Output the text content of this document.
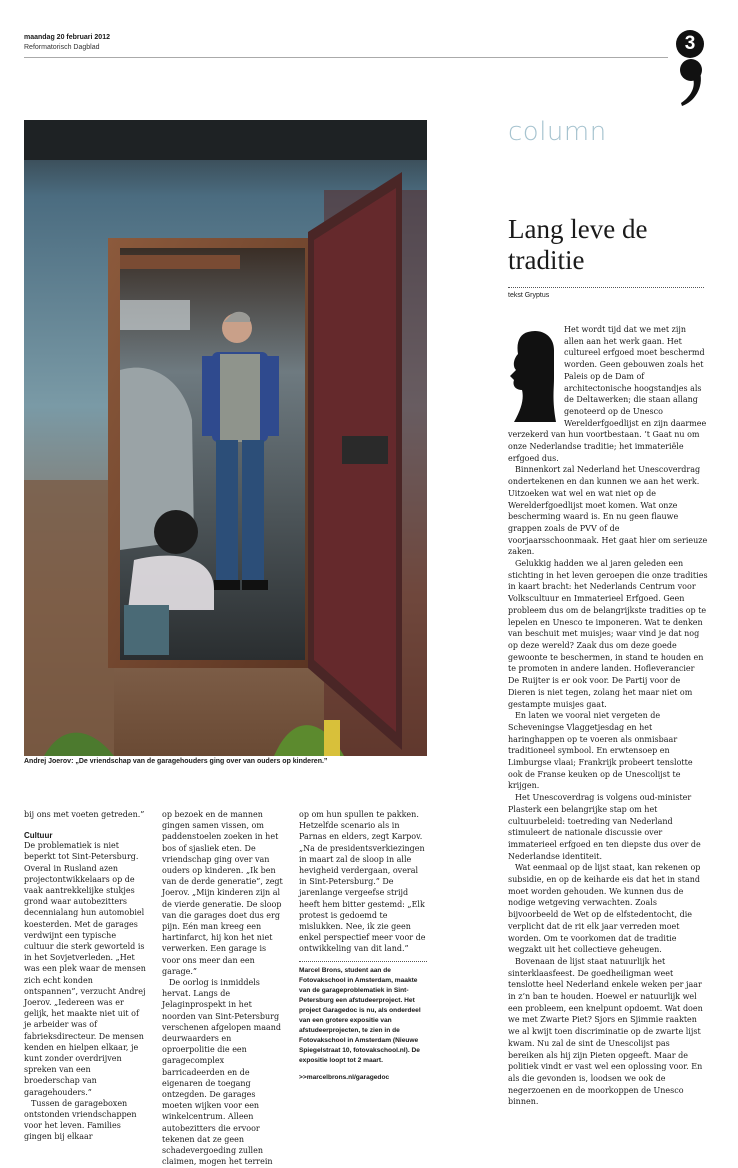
maandag 20 februari 2012
Reformatorisch Dagblad	3
Andrej Joerov: „De vriendschap van de garagehouders ging over van ouders op kinderen.”

bij ons met voeten getreden.”

Cultuur

De problematiek is niet beperkt tot Sint-Petersburg. Overal in Rusland azen projectontwikkelaars op de vaak aantrekkelijke stukjes grond waar autobezitters decennialang hun automobiel koesterden. Met de garages verdwijnt een typische cultuur die sterk geworteld is in het Sovjetverleden. „Het was een plek waar de mensen zich echt konden ontspannen”, verzucht Andrej Joerov. „Iedereen was er gelijk, het maakte niet uit of je arbeider was of fabrieksdirecteur. De mensen kenden en hielpen elkaar, je kunt zonder overdrijven spreken van een broederschap van garagehouders.”

Tussen de garageboxen ontstonden vriendschappen voor het leven. Families gingen bij elkaar

op bezoek en de mannen gingen samen vissen, om paddenstoelen zoeken in het bos of sjasliek eten. De vriendschap ging over van ouders op kinderen. „Ik ben van de derde generatie”, zegt Joerov. „Mijn kinderen zijn al de vierde generatie. De sloop van die garages doet dus erg pijn. Eén man kreeg een hartinfarct, hij kon het niet verwerken. Een garage is voor ons meer dan een garage.”

De oorlog is inmiddels hervat. Langs de Jelaginprospekt in het noorden van Sint-Petersburg verschenen afgelopen maand deurwaarders en oproerpolitie die een garagecomplex barricadeerden en de eigenaren de toegang ontzegden. De garages moeten wijken voor een winkelcentrum. Alleen autobezitters die ervoor tekenen dat ze geen schadevergoeding zullen claimen, mogen het terrein

op om hun spullen te pakken. Hetzelfde scenario als in Parnas en elders, zegt Karpov. „Na de presidentsverkiezingen in maart zal de sloop in alle hevigheid verdergaan, overal in Sint-Petersburg.” De jarenlange vergeefse strijd heeft hem bitter gestemd: „Elk protest is gedoemd te mislukken. Nee, ik zie geen enkel perspectief meer voor de ontwikkeling van dit land.”

Marcel Brons, student aan de Fotovakschool in Amsterdam, maakte van de garageproblematiek in Sint-Petersburg een afstudeerproject. Het project Garagedoc is nu, als onderdeel van een grotere expositie van afstudeerprojecten, te zien in de Fotovakschool in Amsterdam (Nieuwe Spiegelstraat 10, fotovakschool.nl). De expositie loopt tot 2 maart.
>>marcelbrons.nl/garagedoc
column
Lang leve de traditie
tekst Gryptus

Het wordt tijd dat we met zijn allen aan het werk gaan. Het cultureel erfgoed moet beschermd worden. Geen gebouwen zoals het Paleis op de Dam of architectonische hoogstandjes als de Deltawerken; die staan allang genoteerd op de Unesco Werelderfgoedlijst en zijn daarmee verzekerd van hun voortbestaan. ’t Gaat nu om onze Nederlandse traditie; het immateriële erfgoed dus.

Binnenkort zal Nederland het Unescoverdrag ondertekenen en dan kunnen we aan het werk. Uitzoeken wat wel en wat niet op de Werelderfgoedlijst moet komen. Wat onze bescherming waard is. En nu geen flauwe grappen zoals de PVV of de voorjaarsschoonmaak. Het gaat hier om serieuze zaken.

Gelukkig hadden we al jaren geleden een stichting in het leven geroepen die onze tradities in kaart bracht: het Nederlands Centrum voor Volkscultuur en Immaterieel Erfgoed. Geen probleem dus om de belangrijkste tradities op te lepelen en Unesco te imponeren. Wat te denken van beschuit met muisjes; waar vind je dat nog op deze wereld? Zaak dus om deze goede gewoonte te beschermen, in stand te houden en te promoten in andere landen. Hofleverancier De Ruijter is er ook voor. De Partij voor de Dieren is niet tegen, zolang het maar niet om gestampte muisjes gaat.

En laten we vooral niet vergeten de Scheveningse Vlaggetjesdag en het haringhappen op te voeren als onmisbaar traditioneel symbool. En erwtensoep en Limburgse vlaai; Frankrijk probeert tenslotte ook de Franse keuken op de Unescolijst te krijgen.

Het Unescoverdrag is volgens oud-minister Plasterk een belangrijke stap om het cultuurbeleid: toetreding van Nederland stimuleert de nationale discussie over immaterieel erfgoed en ten diepste dus over de Nederlandse identiteit.

Wat eenmaal op de lijst staat, kan rekenen op subsidie, en op de keiharde eis dat het in stand moet worden gehouden. We kunnen dus de nodige wetgeving verwachten. Zoals bijvoorbeeld de Wet op de elfstedentocht, die verplicht dat de rit elk jaar verreden moet worden. Om te voorkomen dat de traditie wegzakt uit het collectieve geheugen.

Bovenaan de lijst staat natuurlijk het sinterklaasfeest. De goedheiligman weet tenslotte heel Nederland enkele weken per jaar in z’n ban te houden. Hoewel er natuurlijk wel een probleem, een knelpunt opdoemt. Wat doen we met Zwarte Piet? Sjors en Sjimmie raakten we al kwijt toen discriminatie op de zwarte lijst kwam. Nu zal de sint de Unescolijst pas bereiken als hij zijn Pieten opgeeft. Maar de politiek vindt er vast wel een oplossing voor. En als die gevonden is, loodsen we ook de negerzoenen en de moorkoppen de Unesco binnen.
